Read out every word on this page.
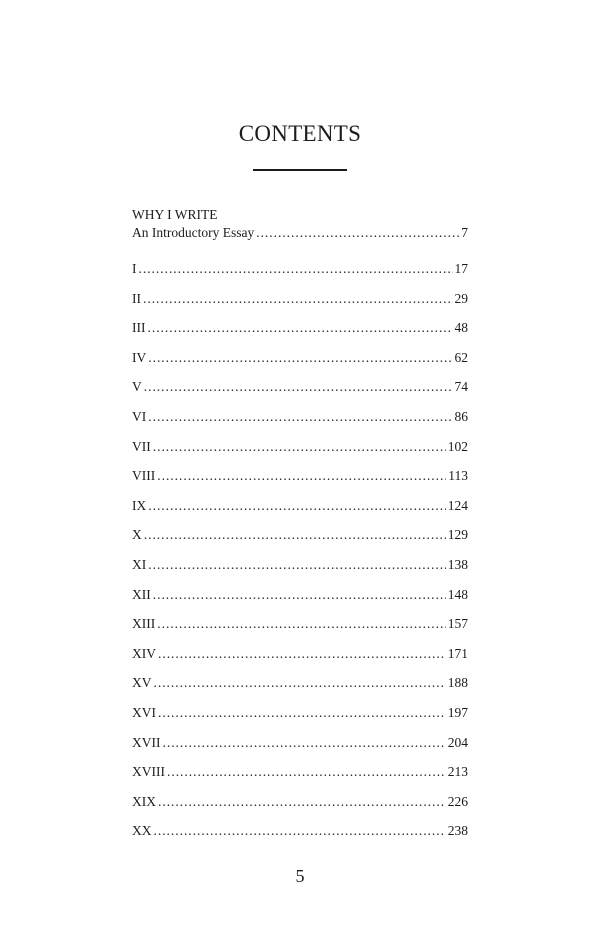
CONTENTS
WHY I WRITE
An Introductory Essay . . .	7
I . . .	17
II . . .	29
III . . .	48
IV . . .	62
V . . .	74
VI . . .	86
VII . . .	102
VIII . . .	113
IX . . .	124
X . . .	129
XI . . .	138
XII . . .	148
XIII . . .	157
XIV . . .	171
XV . . .	188
XVI . . .	197
XVII . . .	204
XVIII . . .	213
XIX . . .	226
XX . . .	238

5
